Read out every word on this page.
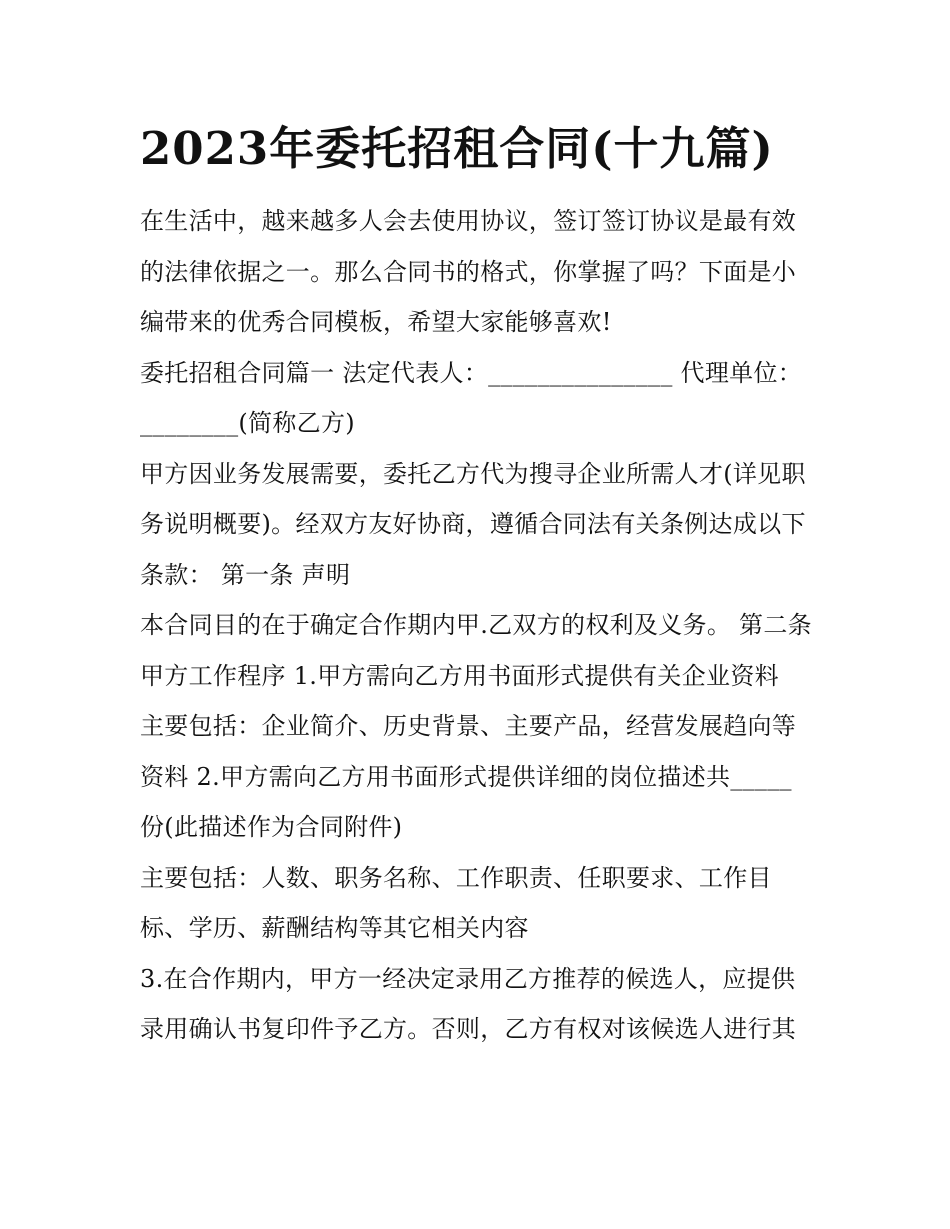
2023年委托招租合同(十九篇)

在生活中，越来越多人会去使用协议，签订签订协议是最有效的法律依据之一。那么合同书的格式，你掌握了吗？下面是小编带来的优秀合同模板，希望大家能够喜欢!

委托招租合同篇一 法定代表人：_______________ 代理单位：________(简称乙方)

甲方因业务发展需要，委托乙方代为搜寻企业所需人才(详见职务说明概要)。经双方友好协商，遵循合同法有关条例达成以下条款： 第一条 声明

本合同目的在于确定合作期内甲.乙双方的权利及义务。 第二条 甲方工作程序 1.甲方需向乙方用书面形式提供有关企业资料

主要包括：企业简介、历史背景、主要产品，经营发展趋向等资料 2.甲方需向乙方用书面形式提供详细的岗位描述共_____份(此描述作为合同附件)

主要包括：人数、职务名称、工作职责、任职要求、工作目标、学历、薪酬结构等其它相关内容

3.在合作期内，甲方一经决定录用乙方推荐的候选人，应提供录用确认书复印件予乙方。否则，乙方有权对该候选人进行其
